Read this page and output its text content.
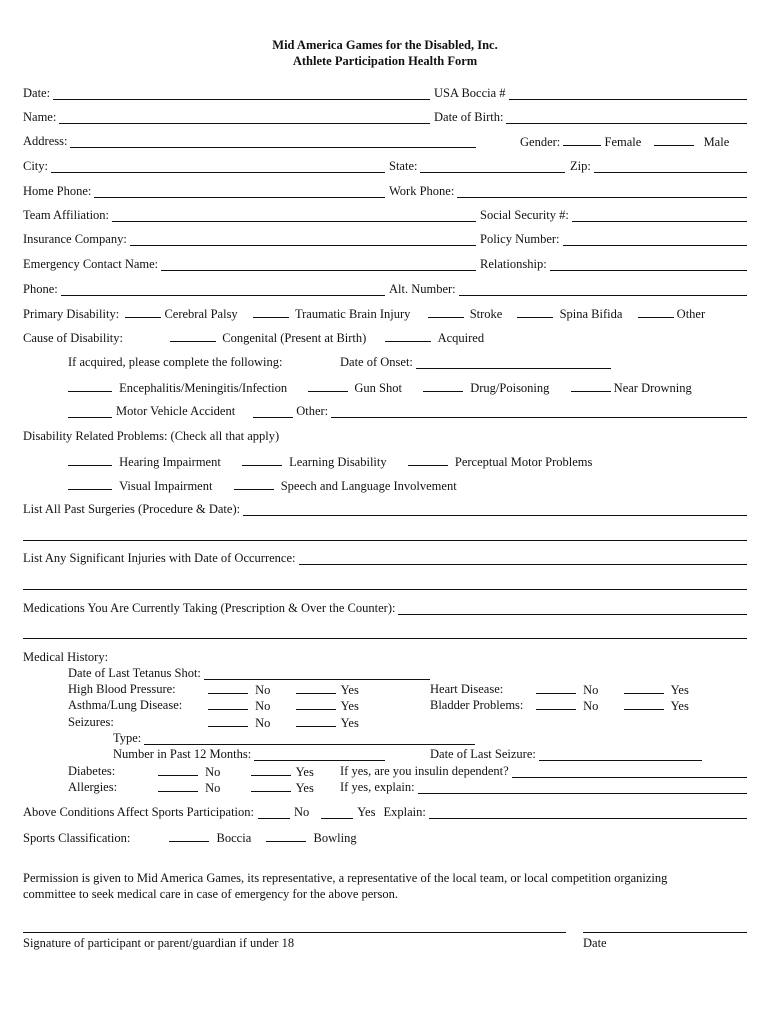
Mid America Games for the Disabled, Inc.
Athlete Participation Health Form
Date:	USA Boccia #
Name:	Date of Birth:
Address:	Gender:	Female	Male
City:	State:	Zip:
Home Phone:	Work Phone:
Team Affiliation:	Social Security #:
Insurance Company:	Policy Number:
Emergency Contact Name:	Relationship:
Phone:	Alt. Number:
Primary Disability:	Cerebral Palsy	Traumatic Brain Injury	Stroke	Spina Bifida	Other
Cause of Disability:	Congenital (Present at Birth)	Acquired
If acquired, please complete the following:	Date of Onset:
Encephalitis/Meningitis/Infection	Gun Shot	Drug/Poisoning	Near Drowning
Motor Vehicle Accident	Other:
Disability Related Problems: (Check all that apply)
Hearing Impairment	Learning Disability	Perceptual Motor Problems
Visual Impairment	Speech and Language Involvement
List All Past Surgeries (Procedure & Date):
List Any Significant Injuries with Date of Occurrence:
Medications You Are Currently Taking (Prescription & Over the Counter):
Medical History:
Date of Last Tetanus Shot:
High Blood Pressure:	No	Yes	Heart Disease:	No	Yes
Asthma/Lung Disease:	No	Yes	Bladder Problems:	No	Yes
Seizures:	No	Yes
Type:
Number in Past 12 Months:	Date of Last Seizure:
Diabetes:	No	Yes If yes, are you insulin dependent?
Allergies:	No	Yes If yes, explain:
Above Conditions Affect Sports Participation:	No	Yes Explain:
Sports Classification:	Boccia	Bowling
Permission is given to Mid America Games, its representative, a representative of the local team, or local competition organizing
committee to seek medical care in case of emergency for the above person.
Signature of participant or parent/guardian if under 18	Date
